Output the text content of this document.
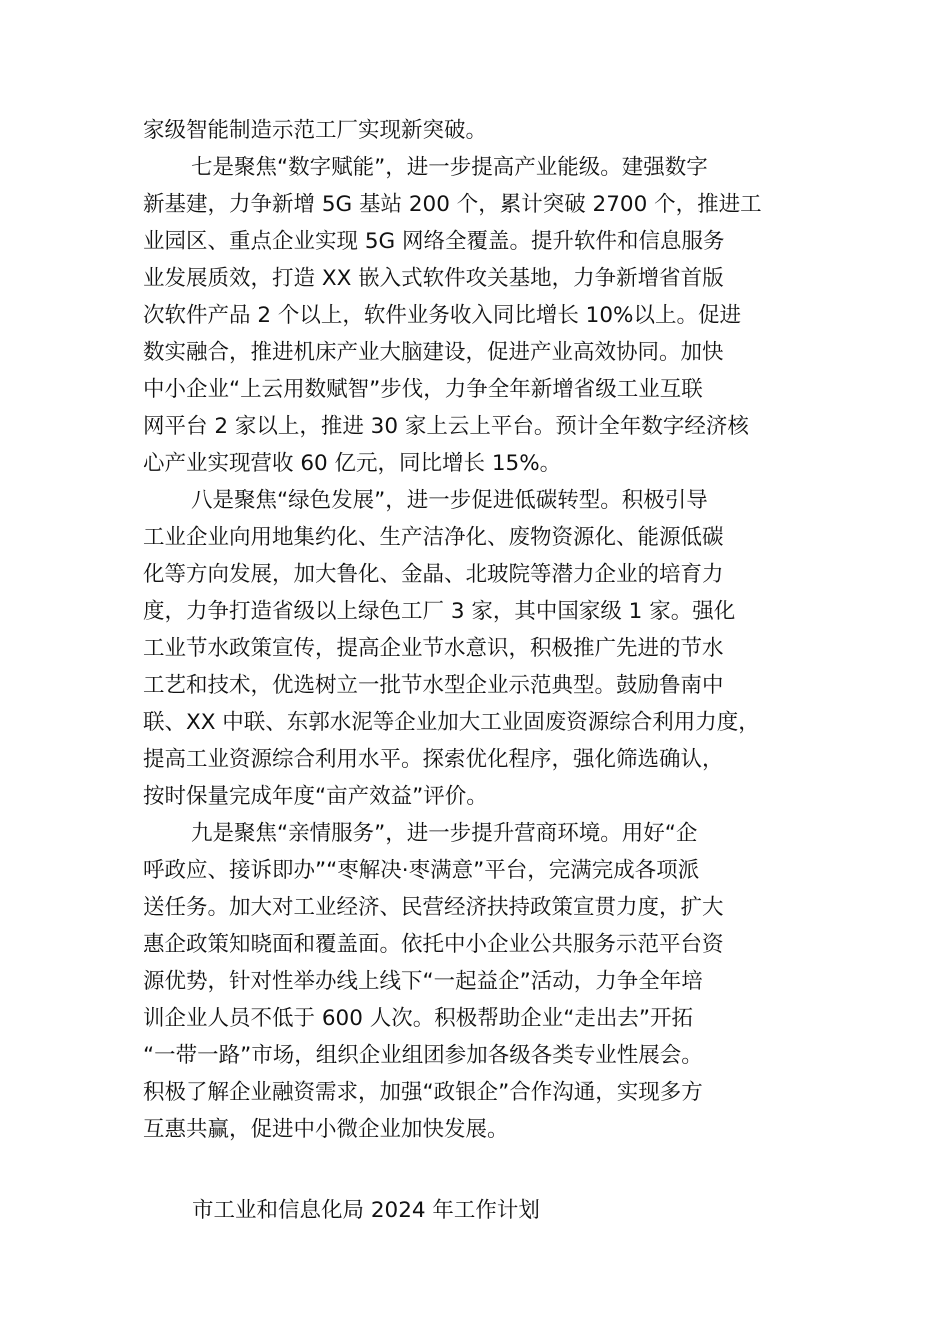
家级智能制造示范工厂实现新突破。
七是聚焦“数字赋能”，进一步提高产业能级。建强数字
新基建，力争新增 5G 基站 200 个，累计突破 2700 个，推进工
业园区、重点企业实现 5G 网络全覆盖。提升软件和信息服务
业发展质效，打造 XX 嵌入式软件攻关基地，力争新增省首版
次软件产品 2 个以上，软件业务收入同比增长 10%以上。促进
数实融合，推进机床产业大脑建设，促进产业高效协同。加快
中小企业“上云用数赋智”步伐，力争全年新增省级工业互联
网平台 2 家以上，推进 30 家上云上平台。预计全年数字经济核
心产业实现营收 60 亿元，同比增长 15%。
八是聚焦“绿色发展”，进一步促进低碳转型。积极引导
工业企业向用地集约化、生产洁净化、废物资源化、能源低碳
化等方向发展，加大鲁化、金晶、北玻院等潜力企业的培育力
度，力争打造省级以上绿色工厂 3 家，其中国家级 1 家。强化
工业节水政策宣传，提高企业节水意识，积极推广先进的节水
工艺和技术，优选树立一批节水型企业示范典型。鼓励鲁南中
联、XX 中联、东郭水泥等企业加大工业固废资源综合利用力度，
提高工业资源综合利用水平。探索优化程序，强化筛选确认，
按时保量完成年度“亩产效益”评价。
九是聚焦“亲情服务”，进一步提升营商环境。用好“企
呼政应、接诉即办”“枣解决·枣满意”平台，完满完成各项派
送任务。加大对工业经济、民营经济扶持政策宣贯力度，扩大
惠企政策知晓面和覆盖面。依托中小企业公共服务示范平台资
源优势，针对性举办线上线下“一起益企”活动，力争全年培
训企业人员不低于 600 人次。积极帮助企业“走出去”开拓
“一带一路”市场，组织企业组团参加各级各类专业性展会。
积极了解企业融资需求，加强“政银企”合作沟通，实现多方
互惠共赢，促进中小微企业加快发展。
市工业和信息化局 2024 年工作计划
